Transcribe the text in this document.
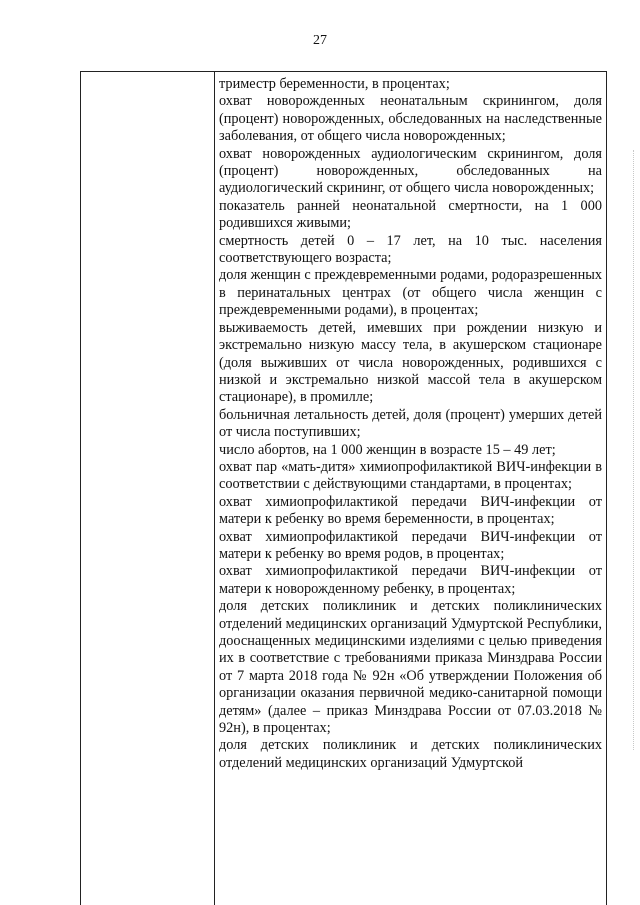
27

триместр беременности, в процентах;

охват новорожденных неонатальным скринингом, доля (процент) новорожденных, обследованных на наследственные заболевания, от общего числа новорожденных;

охват новорожденных аудиологическим скринингом, доля (процент) новорожденных, обследованных на аудиологический скрининг, от общего числа новорожденных;

показатель ранней неонатальной смертности, на 1 000 родившихся живыми;

смертность детей 0 – 17 лет, на 10 тыс. населения соответствующего возраста;

доля женщин с преждевременными родами, родоразрешенных в перинатальных центрах (от общего числа женщин с преждевременными родами), в процентах;

выживаемость детей, имевших при рождении низкую и экстремально низкую массу тела, в акушерском стационаре (доля выживших от числа новорожденных, родившихся с низкой и экстремально низкой массой тела в акушерском стационаре), в промилле;

больничная летальность детей, доля (процент) умерших детей от числа поступивших;

число абортов, на 1 000 женщин в возрасте 15 – 49 лет;

охват пар «мать-дитя» химиопрофилактикой ВИЧ-инфекции в соответствии с действующими стандартами, в процентах;

охват химиопрофилактикой передачи ВИЧ-инфекции от матери к ребенку во время беременности, в процентах;

охват химиопрофилактикой передачи ВИЧ-инфекции от матери к ребенку во время родов, в процентах;

охват химиопрофилактикой передачи ВИЧ-инфекции от матери к новорожденному ребенку, в процентах;

доля детских поликлиник и детских поликлинических отделений медицинских организаций Удмуртской Республики, дооснащенных медицинскими изделиями с целью приведения их в соответствие с требованиями приказа Минздрава России от 7 марта 2018 года № 92н «Об утверждении Положения об организации оказания первичной медико-санитарной помощи детям» (далее – приказ Минздрава России от 07.03.2018 № 92н), в процентах;

доля детских поликлиник и детских поликлинических отделений медицинских организаций Удмуртской
